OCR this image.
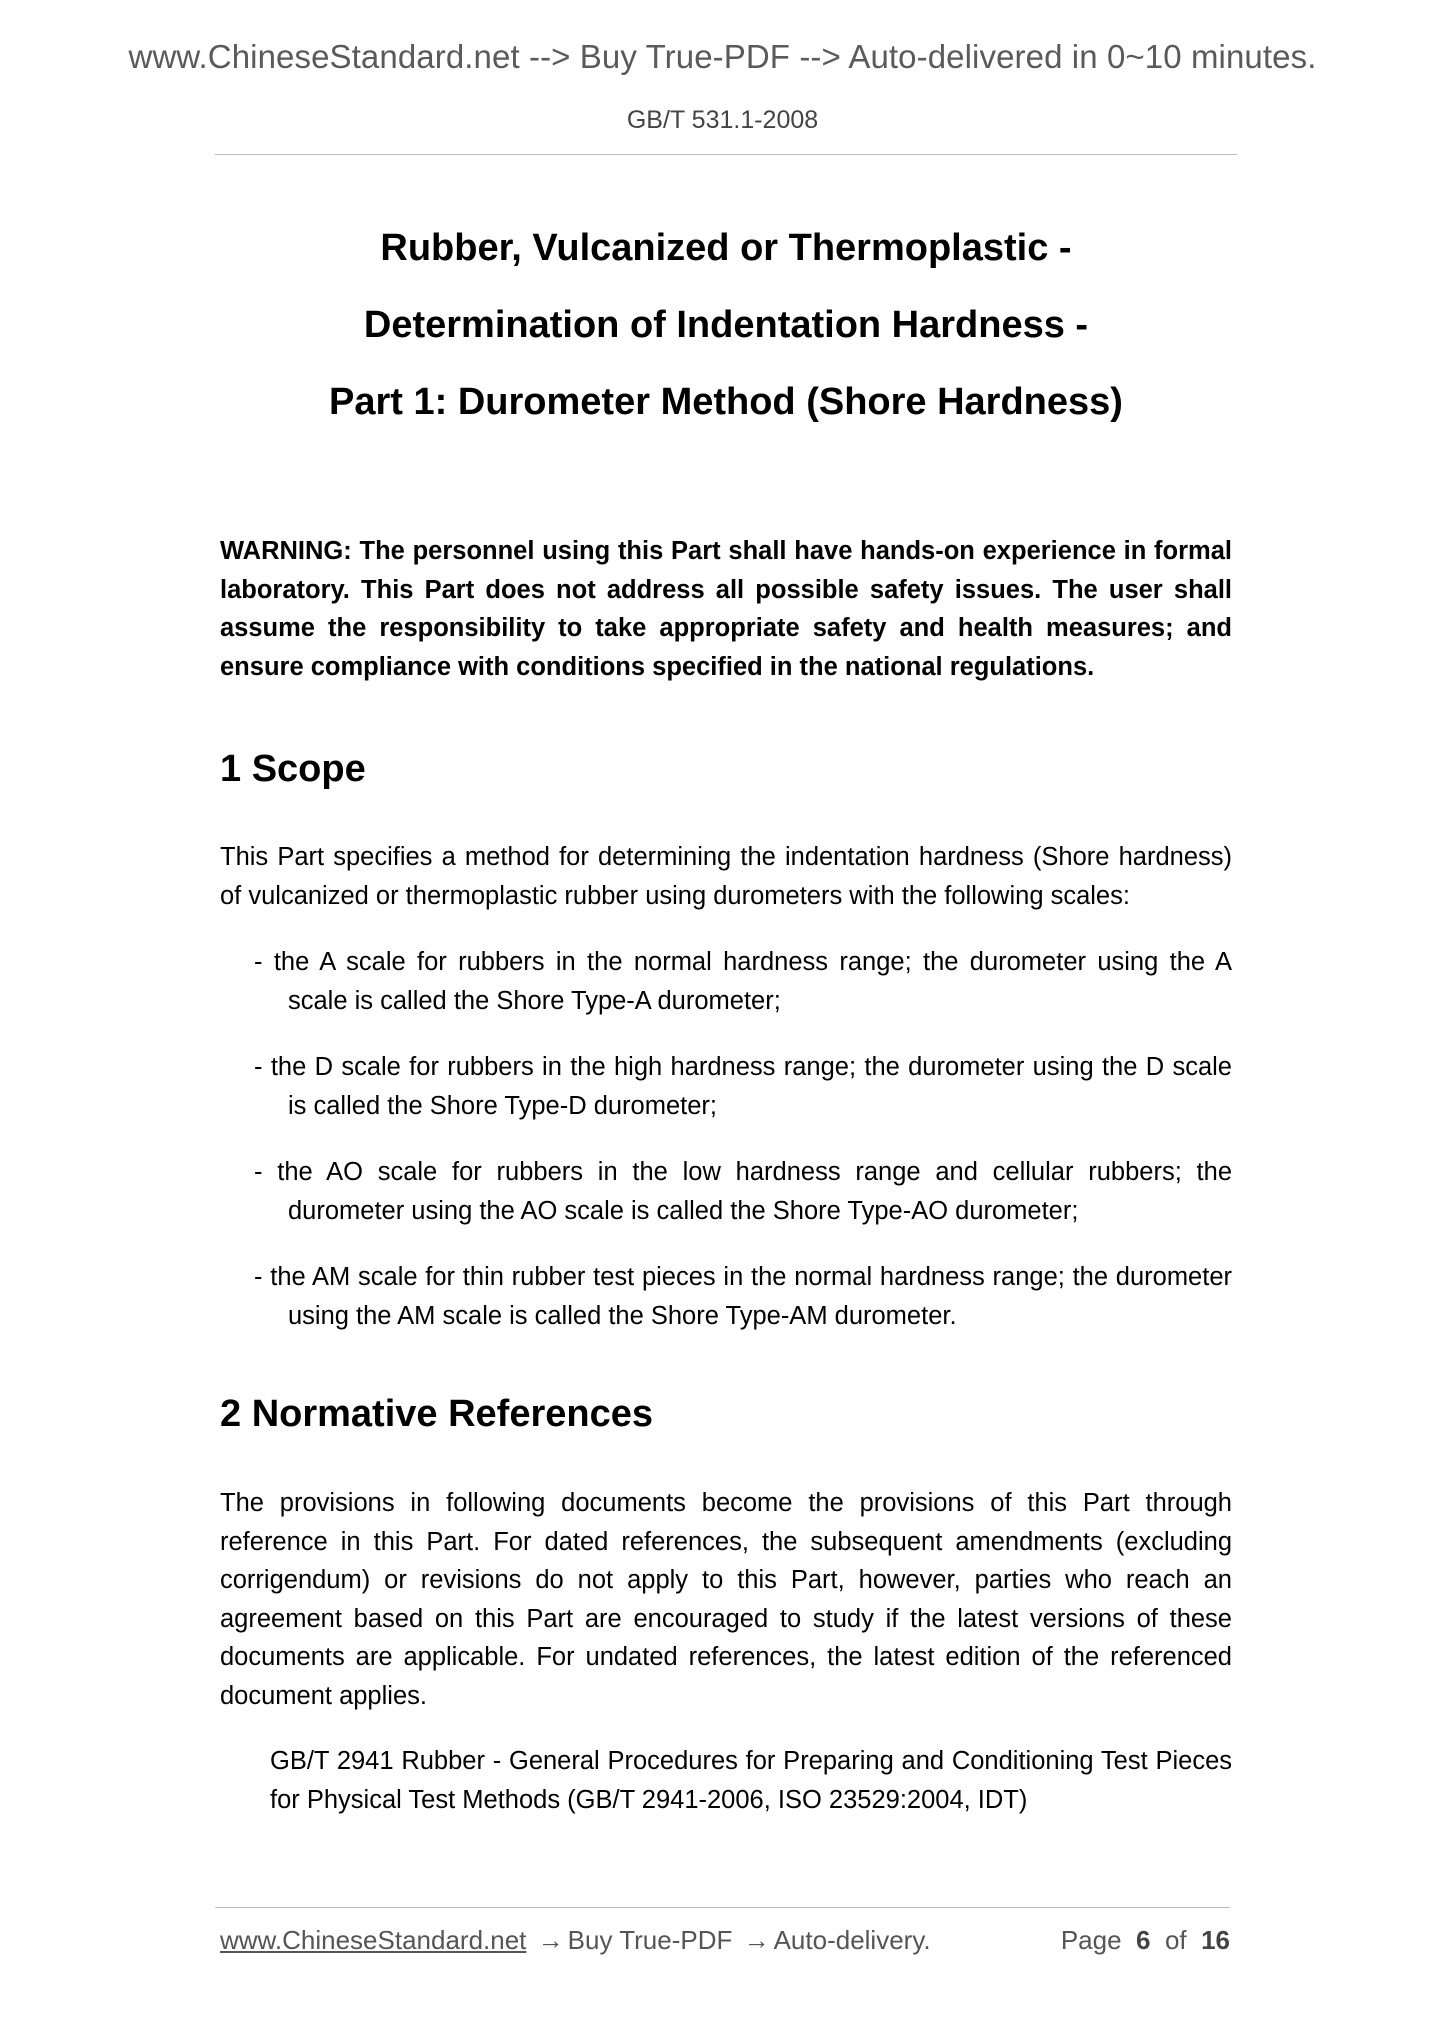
www.ChineseStandard.net --> Buy True-PDF --> Auto-delivered in 0~10 minutes.
GB/T 531.1-2008

Rubber, Vulcanized or Thermoplastic -

Determination of Indentation Hardness -

Part 1: Durometer Method (Shore Hardness)

WARNING: The personnel using this Part shall have hands-on experience in formal laboratory. This Part does not address all possible safety issues. The user shall assume the responsibility to take appropriate safety and health measures; and ensure compliance with conditions specified in the national regulations.

1 Scope

This Part specifies a method for determining the indentation hardness (Shore hardness) of vulcanized or thermoplastic rubber using durometers with the following scales:

- the A scale for rubbers in the normal hardness range; the durometer using the A scale is called the Shore Type-A durometer;

- the D scale for rubbers in the high hardness range; the durometer using the D scale is called the Shore Type-D durometer;

- the AO scale for rubbers in the low hardness range and cellular rubbers; the durometer using the AO scale is called the Shore Type-AO durometer;

- the AM scale for thin rubber test pieces in the normal hardness range; the durometer using the AM scale is called the Shore Type-AM durometer.

2 Normative References

The provisions in following documents become the provisions of this Part through reference in this Part. For dated references, the subsequent amendments (excluding corrigendum) or revisions do not apply to this Part, however, parties who reach an agreement based on this Part are encouraged to study if the latest versions of these documents are applicable. For undated references, the latest edition of the referenced document applies.

GB/T 2941 Rubber - General Procedures for Preparing and Conditioning Test Pieces for Physical Test Methods (GB/T 2941-2006, ISO 23529:2004, IDT)

www.ChineseStandard.net → Buy True-PDF → Auto-delivery.	Page 6 of 16
